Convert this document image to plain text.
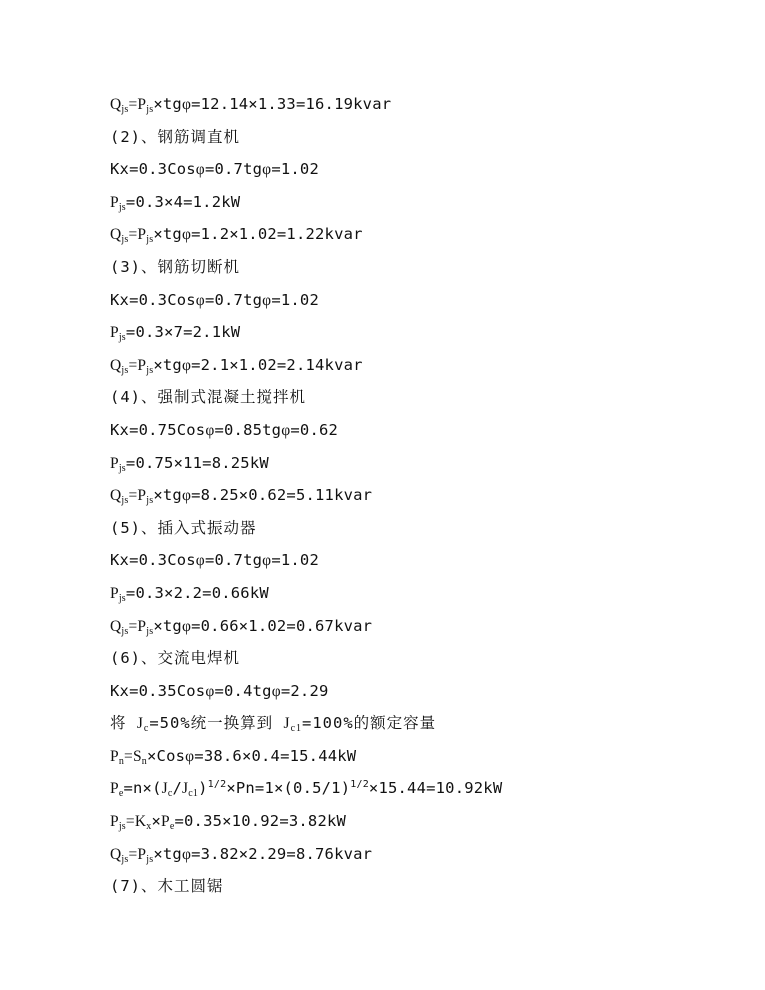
$Q_{js}=P_{js}\times tg\varphi=12.14\times 1.33=16.19kvar$
(2)、钢筋调直机
Kx=0.3Cosφ=0.7tgφ=1.02
$P_{js}=0.3\times 4=1.2kW$
$Q_{js}=P_{js}\times tg\varphi=1.2\times 1.02=1.22kvar$
(3)、钢筋切断机
Kx=0.3Cosφ=0.7tgφ=1.02
$P_{js}=0.3\times 7=2.1kW$
$Q_{js}=P_{js}\times tg\varphi=2.1\times 1.02=2.14kvar$
(4)、强制式混凝土搅拌机
Kx=0.75Cosφ=0.85tgφ=0.62
$P_{js}=0.75\times 11=8.25kW$
$Q_{js}=P_{js}\times tg\varphi=8.25\times 0.62=5.11kvar$
(5)、插入式振动器
Kx=0.3Cosφ=0.7tgφ=1.02
$P_{js}=0.3\times 2.2=0.66kW$
$Q_{js}=P_{js}\times tg\varphi=0.66\times 1.02=0.67kvar$
(6)、交流电焊机
Kx=0.35Cosφ=0.4tgφ=2.29
将 $J_c=50\%$统一换算到 $J_{c1}=100\%$的额定容量
$P_n=S_n\times Cos\varphi=38.6\times 0.4=15.44kW$
$P_e=n\times(J_c/J_{c1})^{1/2}\times Pn=1\times(0.5/1)^{1/2}\times 15.44=10.92kW$
$P_{js}=K_x\times P_e=0.35\times 10.92=3.82kW$
$Q_{js}=P_{js}\times tg\varphi=3.82\times 2.29=8.76kvar$
(7)、木工圆锯
